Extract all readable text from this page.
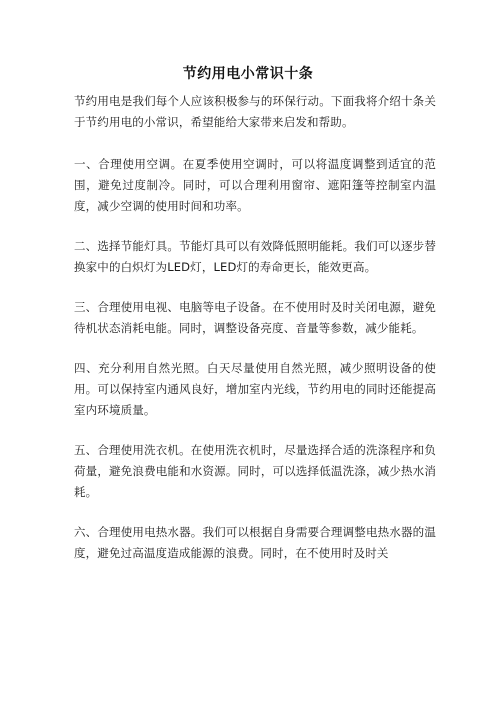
节约用电小常识十条

节约用电是我们每个人应该积极参与的环保行动。下面我将介绍十条关于节约用电的小常识，希望能给大家带来启发和帮助。

一、合理使用空调。在夏季使用空调时，可以将温度调整到适宜的范围，避免过度制冷。同时，可以合理利用窗帘、遮阳篷等控制室内温度，减少空调的使用时间和功率。

二、选择节能灯具。节能灯具可以有效降低照明能耗。我们可以逐步替换家中的白炽灯为LED灯，LED灯的寿命更长，能效更高。

三、合理使用电视、电脑等电子设备。在不使用时及时关闭电源，避免待机状态消耗电能。同时，调整设备亮度、音量等参数，减少能耗。

四、充分利用自然光照。白天尽量使用自然光照，减少照明设备的使用。可以保持室内通风良好，增加室内光线，节约用电的同时还能提高室内环境质量。

五、合理使用洗衣机。在使用洗衣机时，尽量选择合适的洗涤程序和负荷量，避免浪费电能和水资源。同时，可以选择低温洗涤，减少热水消耗。

六、合理使用电热水器。我们可以根据自身需要合理调整电热水器的温度，避免过高温度造成能源的浪费。同时，在不使用时及时关
